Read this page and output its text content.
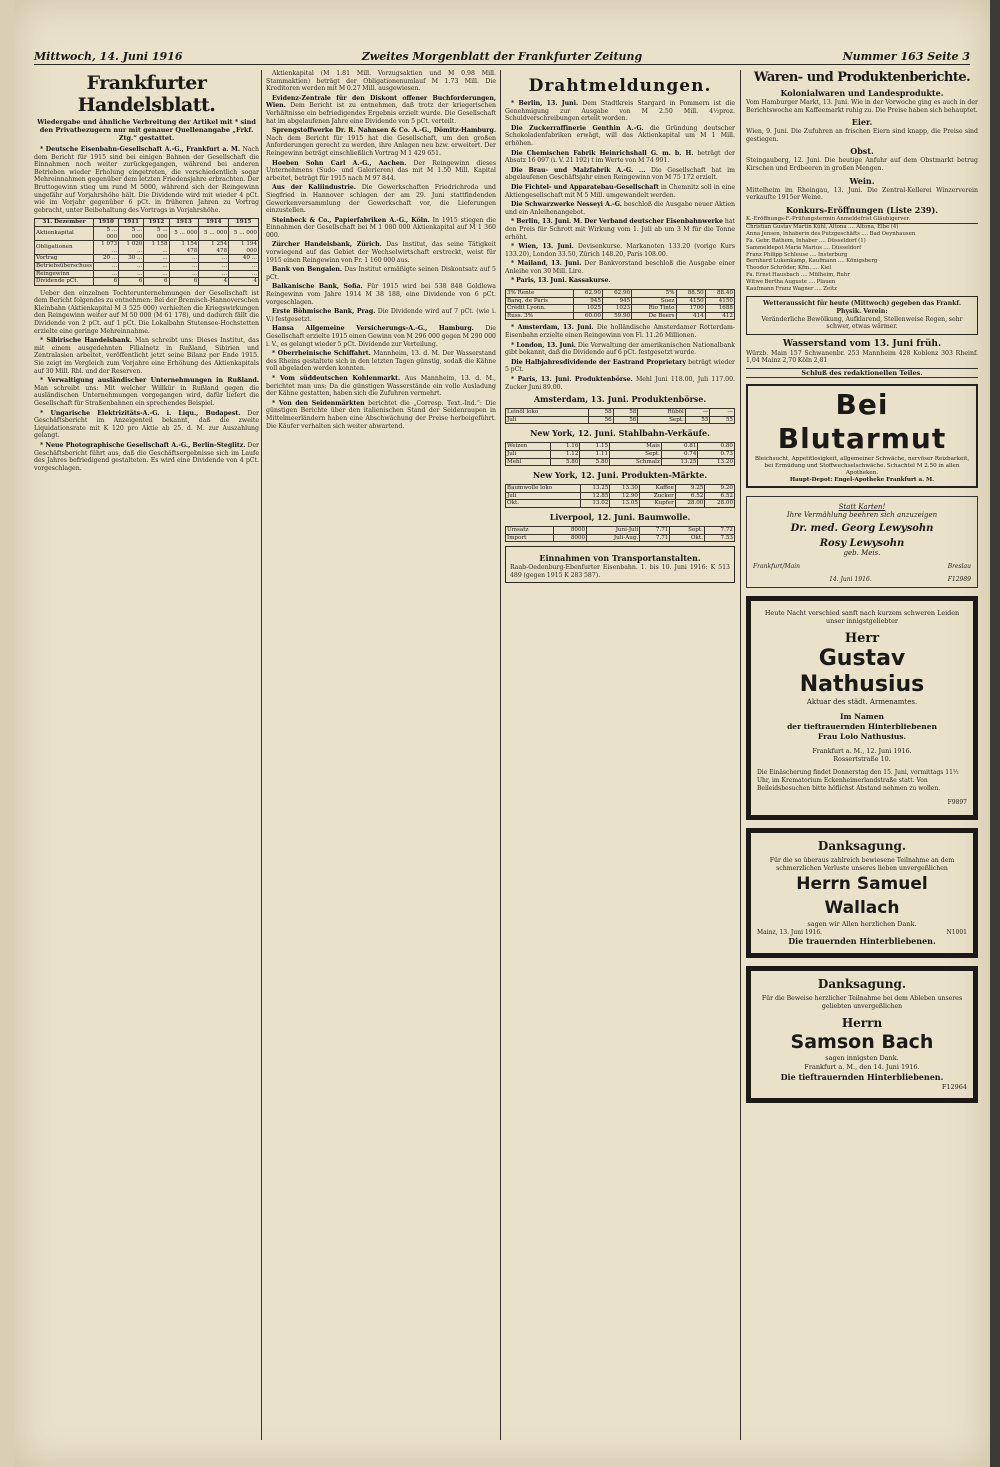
Mittwoch, 14. Juni 1916	Zweites Morgenblatt der Frankfurter Zeitung	Nummer 163 Seite 3
Frankfurter Handelsblatt.
Wiedergabe und ähnliche Verbreitung der Artikel mit * sind den Privatbezugern nur mit genauer Quellenangabe „Frkf. Ztg.“ gestattet.

* Deutsche Eisenbahn-Gesellschaft A.-G., Frankfurt a. M. Nach dem Bericht für 1915 sind bei einigen Bahnen der Gesellschaft die Einnahmen noch weiter zurückgegangen, während bei anderen Betrieben wieder Erholung eingetreten, die verschiedentlich sogar Mehreinnahmen gegenüber dem letzten Friedensjahre erbrachten. Der Bruttogewinn stieg um rund M 5000, während sich der Reingewinn ungefähr auf Vorjahrshöhe hält. Die Dividende wird mit wieder 4 pCt. wie im Vorjahr gegenüber 6 pCt. in früheren Jahren zu Vortrag gebracht, unter Beibehaltung des Vortrags in Vorjahrshöhe.

31. Dezember	1910	1911	1912	1913	1914	1915
Aktienkapital	5 ... 000	5 ... 000	5 ... 000	5 ... 000	5 ... 000	5 ... 000
Obligationen	1 073 ...	1 020 ...	1 158 ...	1 154 478	1 254 478	1 194 000
Vortrag	20 ...	30 ...	...	...	...	40 ...
Betriebsüberschuss	...	...	...	...	...	...
Reingewinn	...	...	...	...	...	...
Dividende pCt.	6	6	6	6	4	4

Ueber den einzelnen Tochterunternehmungen der Gesellschaft ist dem Bericht folgendes zu entnehmen: Bei der Bremisch-Hannoverschen Kleinbahn (Aktienkapital M 3 525 000) verhielten die Kriegswirkungen den Reingewinn weiter auf M 50 000 (M 61 178), und dadurch fällt die Dividende von 2 pCt. auf 1 pCt. Die Lokalbahn Stutensee-Hochstetten erzielte eine geringe Mehreinnahme.

* Sibirische Handelsbank. Man schreibt uns: Dieses Institut, das mit einem ausgedehnten Filialnetz in Rußland, Sibirien und Zentralasien arbeitet, veröffentlicht jetzt seine Bilanz per Ende 1915. Sie zeigt im Vergleich zum Vorjahre eine Erhöhung des Aktienkapitals auf 30 Mill. Rbl. und der Reserven.

* Verwaltigung ausländischer Unternehmungen in Rußland. Man schreibt uns: Mit welcher Willkür in Rußland gegen die ausländischen Unternehmungen vorgegangen wird, dafür liefert die Gesellschaft für Straßenbahnen ein sprechendes Beispiel.

* Ungarische Elektrizitäts-A.-G. i. Liqu., Budapest. Der Geschäftsbericht im Anzeigenteil bekannt, daß die zweite Liquidationsrate mit K 120 pro Aktie ab 25. d. M. zur Auszahlung gelangt.

* Neue Photographische Gesellschaft A.-G., Berlin-Steglitz. Der Geschäftsbericht führt aus, daß die Geschäftsergebnisse sich im Laufe des Jahres befriedigend gestalteten. Es wird eine Dividende von 4 pCt. vorgeschlagen.

Aktienkapital (M 1.81 Mill. Vorzugsaktien und M 0.98 Mill. Stammaktien) beträgt der Obligationenumlauf M 1.73 Mill. Die Kreditoren werden mit M 0.27 Mill. ausgewiesen.

Evidenz-Zentrale für den Diskont offener Buchforderungen, Wien. Dem Bericht ist zu entnehmen, daß trotz der kriegerischen Verhältnisse ein befriedigendes Ergebnis erzielt wurde. Die Gesellschaft hat im abgelaufenen Jahre eine Dividende von 5 pCt. verteilt.

Sprengstoffwerke Dr. R. Nahnsen & Co. A.-G., Dömitz-Hamburg. Nach dem Bericht für 1915 hat die Gesellschaft, um den großen Anforderungen gerecht zu werden, ihre Anlagen neu bzw. erweitert. Der Reingewinn beträgt einschließlich Vortrag M 1 429 651.

Hoeben Sohn Carl A.-G., Aachen. Der Reingewinn dieses Unternehmens (Sudo- und Galerieren) das mit M 1.50 Mill. Kapital arbeitet, beträgt für 1915 nach M 97 844.

Aus der Kaliindustrie. Die Gewerkschaften Friedrichroda und Siegfried in Hannover schlagen der am 29. Juni stattfindenden Gewerkenversammlung der Gewerkschaft vor, die Lieferungen einzustellen.

Steinbeck & Co., Papierfabriken A.-G., Köln. In 1915 stiegen die Einnahmen der Gesellschaft bei M 1 080 000 Aktienkapital auf M 1 360 000.

Zürcher Handelsbank, Zürich. Das Institut, das seine Tätigkeit vorwiegend auf das Gebiet der Wechselwirtschaft erstreckt, weist für 1915 einen Reingewinn von Fr. 1 160 000 aus.

Bank von Bengalen. Das Institut ermäßigte seinen Diskontsatz auf 5 pCt.

Balkanische Bank, Sofia. Für 1915 wird bei 538 848 Goldlewa Reingewinn vom Jahre 1914 M 38 188, eine Dividende von 6 pCt. vorgeschlagen.

Erste Böhmische Bank, Prag. Die Dividende wird auf 7 pCt. (wie i. V.) festgesetzt.

Hansa Allgemeine Versicherungs-A.-G., Hamburg. Die Gesellschaft erzielte 1915 einen Gewinn von M 296 000 gegen M 290 000 i. V., es gelangt wieder 5 pCt. Dividende zur Verteilung.

* Oberrheinische Schiffahrt. Mannheim, 13. d. M. Der Wasserstand des Rheins gestaltete sich in den letzten Tagen günstig, sodaß die Kähne voll abgeladen werden konnten.

* Vom süddeutschen Kohlenmarkt. Aus Mannheim, 13. d. M., berichtet man uns: Da die günstigen Wasserstände ein volle Ausladung der Kähne gestatten, haben sich die Zufuhren vermehrt.

* Von den Seidenmärkten berichtet die „Corresp. Text.-Ind.“: Die günstigen Berichte über den italienischen Stand der Seidenraupen in Mittelmeerländern haben eine Abschwächung der Preise herbeigeführt. Die Käufer verhalten sich weiter abwartend.

Drahtmeldungen.

* Berlin, 13. Juni. Dem Stadtkreis Stargard in Pommern ist die Genehmigung zur Ausgabe von M 2.50 Mill. 4½proz. Schuldverschreibungen erteilt worden.

Die Zuckerraffinerie Genthin A.-G. die Gründung deutscher Schokoladenfabriken erwägt, will das Aktienkapital um M 1 Mill. erhöhen.

Die Chemischen Fabrik Heinrichshall G. m. b. H. beträgt der Absatz 16 097 (i. V. 21 192) t im Werte von M 74 991.

Die Brau- und Malzfabrik A.-G. ... Die Gesellschaft hat im abgelaufenen Geschäftsjahr einen Reingewinn von M 75 172 erzielt.

Die Fichtel- und Apparatebau-Gesellschaft in Chemnitz soll in eine Aktiengesellschaft mit M 5 Mill. umgewandelt werden.

Die Schwarzwerke Nesseyi A.-G. beschloß die Ausgabe neuer Aktien und ein Anleihenangebot.

* Berlin, 13. Juni. M. Der Verband deutscher Eisenbahnwerke hat den Preis für Schrott mit Wirkung vom 1. Juli ab um 3 M für die Tonne erhöht.

* Wien, 13. Juni. Devisenkurse. Markanoten 133.20 (vorige Kurs 133.20), London 33.50, Zürich 148.20, Paris 108.00.

* Mailand, 13. Juni. Der Bankvorstand beschloß die Ausgabe einer Anleihe von 30 Mill. Lire.

* Paris, 13. Juni. Kassakurse.

3% Rente	62.90	62.90	5%	88.50	88.40
Banq. de Paris	945	945	Suez	4150	4150
Crédit Lyonn.	1025	1023	Rio Tinto	1700	1688
Russ. 3%	60.00	59.90	De Beers	414	412

* Amsterdam, 13. Juni. Die holländische Amsterdamer Rotterdam-Eisenbahn erzielte einen Reingewinn von Fl. 11.26 Millionen.

* London, 13. Juni. Die Verwaltung der amerikanischen Nationalbank gibt bekannt, daß die Dividende auf 6 pCt. festgesetzt wurde.

Die Halbjahresdividende der Eastrand Proprietary beträgt wieder 5 pCt.

* Paris, 13. Juni. Produktenbörse. Mehl Juni 118.00, Juli 117.00. Zucker Juni 89.00.

Amsterdam, 13. Juni. Produktenbörse.
Leinöl loko	58	58	Rüböl	—	—
Juli	56	56	Sept.	55	55
New York, 12. Juni. Stahlbahn-Verkäufe.
Weizen	1.16	1.15	Mais	0.81	0.80
Juli	1.12	1.11	Sept.	0.74	0.73
Mehl	5.80	5.80	Schmalz	13.25	13.20
New York, 12. Juni. Produkten-Märkte.
Baumwolle loko	13.25	13.30	Kaffee	9.25	9.20
Juli	12.85	12.90	Zucker	6.52	6.52
Okt.	13.02	13.05	Kupfer	28.00	28.00
Liverpool, 12. Juni. Baumwolle.
Umsatz	8000	Juni-Juli	7.71	Sept.	7.72
Import	8000	Juli-Aug.	7.71	Okt.	7.53
Einnahmen von Transportanstalten.
Raab-Oedenburg-Ebenfurter Eisenbahn. 1. bis 10. Juni 1916: K 513 489 (gegen 1915 K 283 587).
Waren- und Produktenberichte.
Kolonialwaren und Landesprodukte.
Vom Hamburger Markt, 13. Juni. Wie in der Vorwoche ging es auch in der Berichtswoche am Kaffeemarkt ruhig zu. Die Preise haben sich behauptet.
Eier.
Wien, 9. Juni. Die Zufuhren an frischen Eiern sind knapp, die Preise sind gestiegen.
Obst.
Steingauberg, 12. Juni. Die heutige Anfuhr auf dem Obstmarkt betrug Kirschen und Erdbeeren in großen Mengen.
Wein.
Mittelheim im Rheingau, 13. Juni. Die Zentral-Kellerei Winzerverein verkaufte 1915er Weine.
Konkurs-Eröffnungen (Liste 239).
K.-Eröffnungs-F.-Prüfungstermin Anmeldefrist Gläubigerver.
Christian Gustav Martin Kühl, Altona .... Altona, Elbe (4)
Anna Jensen, Inhaberin des Putzgeschäfts .... Bad Oeynhausen
Fa. Gebr. Bathem, Inhaber .... Düsseldorf (1)
Sammeldepot Maria Marius .... Düsseldorf
Franz Philipp Schleuse .... Insterburg
Bernhard Lukenkamp, Kaufmann .... Königsberg
Theodor Schröder, Kfm. .... Kiel
Fa. Ernst Hausbach .... Mülheim, Ruhr
Witwe Bertha Auguste .... Plauen
Kaufmann Franz Wagner .... Zeitz
Wetteraussicht für heute (Mittwoch) gegeben das Frankf. Physik. Verein:
Veränderliche Bewölkung, Aufklarend, Stellenweise Regen, sehr schwer, etwas wärmer.
Wasserstand vom 13. Juni früh.
Würzb. Main 157 Schwanenbr. 253 Mannheim 428 Koblenz 303 Rheinf. 1,04 Mainz 2,70 Köln 2,81
Schluß des redaktionellen Teiles.
Bei Blutarmut
Bleichsucht, Appetitlosigkeit, allgemeiner Schwäche, nervöser Reizbarkeit, bei Ermüdung und Stoffwechselschwäche. Schachtel M 2.50 in allen Apotheken.
Haupt-Depot: Engel-Apotheke Frankfurt a. M.
Statt Karten!
Ihre Vermählung beehren sich anzuzeigen
Dr. med. Georg Lewysohn
Rosy Lewysohn
geb. Meis.
Frankfurt/Main	Breslau
14. Juni 1916.	F12989
Heute Nacht verschied sanft nach kurzem schweren Leiden unser innigstgeliebter
Herr
Gustav Nathusius
Aktuar des städt. Armenamtes.
Im Namen
der tieftrauernden Hinterbliebenen
Frau Lolo Nathusius.
Frankfurt a. M., 12. Juni 1916.
Rossertstraße 10.
Die Einäscherung findet Donnerstag den 15. Juni, vormittags 11½ Uhr, im Krematorium Eckenheimerlandstraße statt. Von Beileidsbesuchen bitte höflichst Abstand nehmen zu wollen.
F9897
Danksagung.
Für die so überaus zahlreich bewiesene Teilnahme an dem schmerzlichen Verluste unseres lieben unvergeßlichen
Herrn Samuel Wallach
sagen wir Allen herzlichen Dank.
Mainz, 13. Juni 1916.	N1001
Die trauernden Hinterbliebenen.
Danksagung.
Für die Beweise herzlicher Teilnahme bei dem Ableben unseres geliebten unvergeßlichen
Herrn
Samson Bach
sagen innigsten Dank.
Frankfurt a. M., den 14. Juni 1916.
Die tieftrauernden Hinterbliebenen.
F12964
